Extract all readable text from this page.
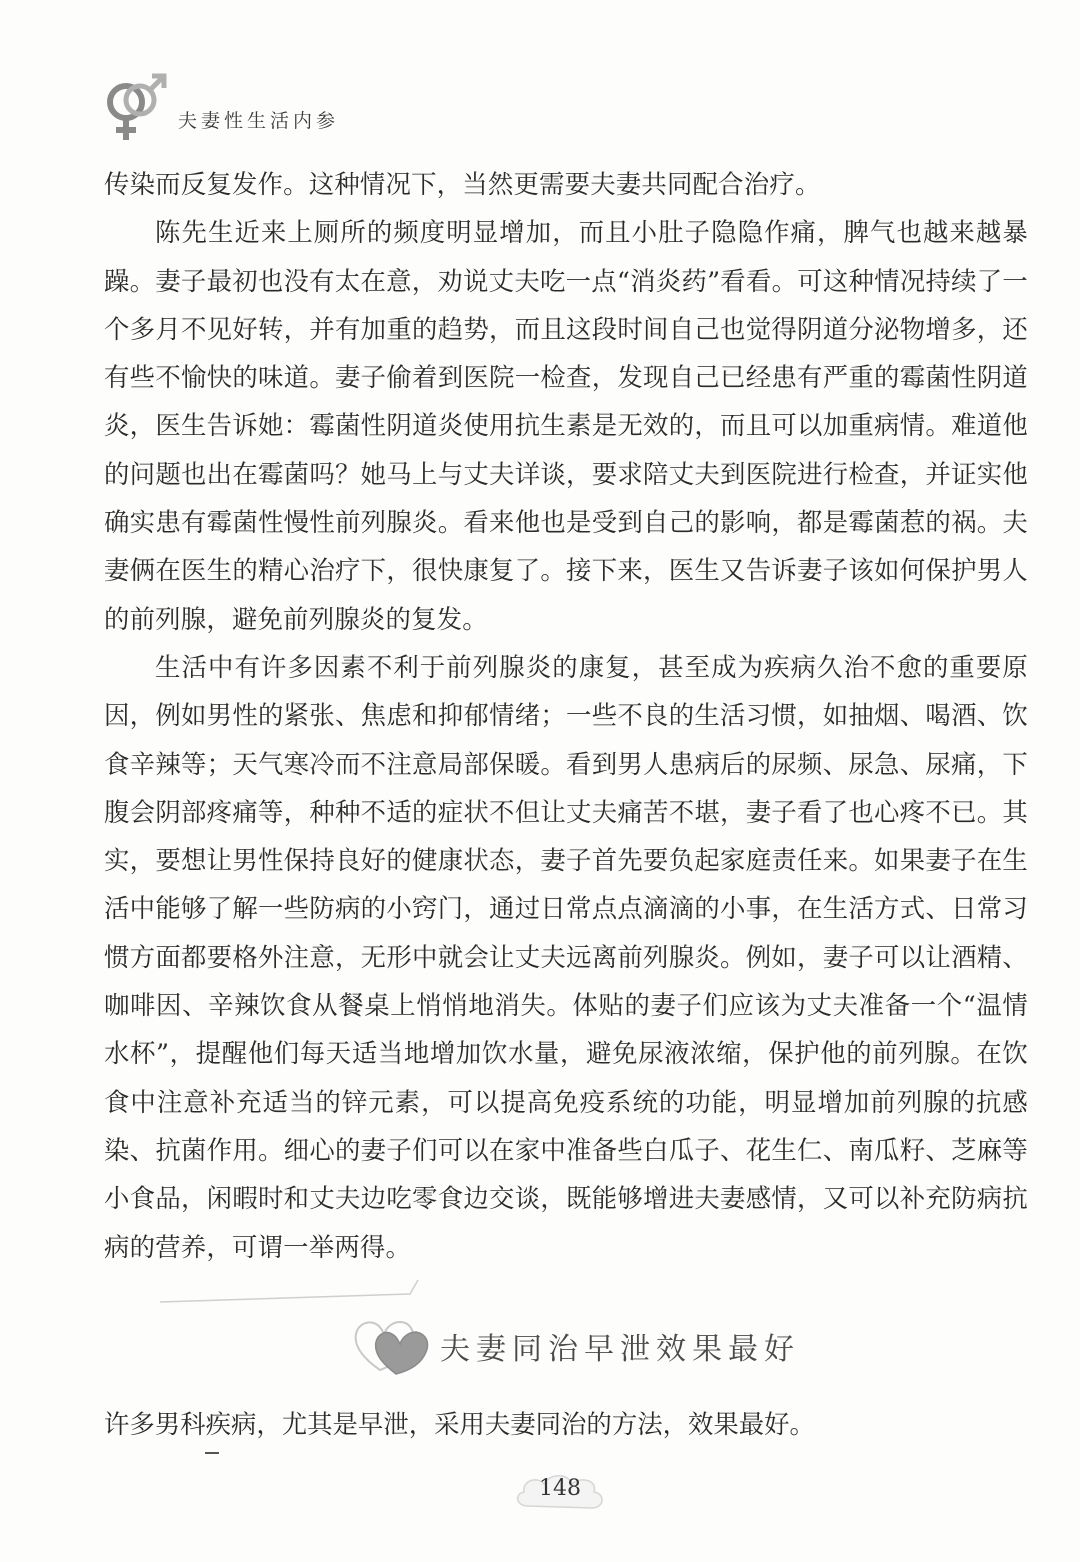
夫妻性生活内参

传染而反复发作。这种情况下，当然更需要夫妻共同配合治疗。

陈先生近来上厕所的频度明显增加，而且小肚子隐隐作痛，脾气也越来越暴躁。妻子最初也没有太在意，劝说丈夫吃一点“消炎药”看看。可这种情况持续了一个多月不见好转，并有加重的趋势，而且这段时间自己也觉得阴道分泌物增多，还有些不愉快的味道。妻子偷着到医院一检查，发现自己已经患有严重的霉菌性阴道炎，医生告诉她：霉菌性阴道炎使用抗生素是无效的，而且可以加重病情。难道他的问题也出在霉菌吗？她马上与丈夫详谈，要求陪丈夫到医院进行检查，并证实他确实患有霉菌性慢性前列腺炎。看来他也是受到自己的影响，都是霉菌惹的祸。夫妻俩在医生的精心治疗下，很快康复了。接下来，医生又告诉妻子该如何保护男人的前列腺，避免前列腺炎的复发。

生活中有许多因素不利于前列腺炎的康复，甚至成为疾病久治不愈的重要原因，例如男性的紧张、焦虑和抑郁情绪；一些不良的生活习惯，如抽烟、喝酒、饮食辛辣等；天气寒冷而不注意局部保暖。看到男人患病后的尿频、尿急、尿痛，下腹会阴部疼痛等，种种不适的症状不但让丈夫痛苦不堪，妻子看了也心疼不已。其实，要想让男性保持良好的健康状态，妻子首先要负起家庭责任来。如果妻子在生活中能够了解一些防病的小窍门，通过日常点点滴滴的小事，在生活方式、日常习惯方面都要格外注意，无形中就会让丈夫远离前列腺炎。例如，妻子可以让酒精、咖啡因、辛辣饮食从餐桌上悄悄地消失。体贴的妻子们应该为丈夫准备一个“温情水杯”，提醒他们每天适当地增加饮水量，避免尿液浓缩，保护他的前列腺。在饮食中注意补充适当的锌元素，可以提高免疫系统的功能，明显增加前列腺的抗感染、抗菌作用。细心的妻子们可以在家中准备些白瓜子、花生仁、南瓜籽、芝麻等小食品，闲暇时和丈夫边吃零食边交谈，既能够增进夫妻感情，又可以补充防病抗病的营养，可谓一举两得。

夫妻同治早泄效果最好
许多男科疾病，尤其是早泄，采用夫妻同治的方法，效果最好。
148
